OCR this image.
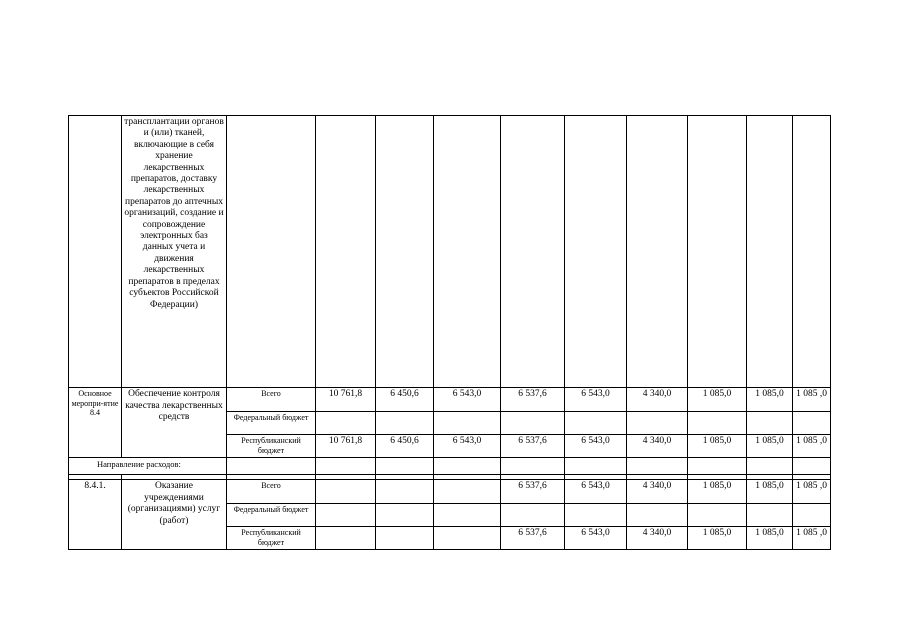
	трансплантации органов и (или) тканей, включающие в себя хранение лекарственных препаратов, доставку лекарственных препаратов до аптечных организаций, создание и сопровождение электронных баз данных учета и движения лекарственных препаратов в пределах субъектов Российской Федерации)										
Основное меропри-ятие 8.4	Обеспечение контроля качества лекарственных средств	Всего	10 761,8	6 450,6	6 543,0	6 537,6	6 543,0	4 340,0	1 085,0	1 085,0	1 085 ,0
		Федеральный бюджет									
		Республиканский бюджет	10 761,8	6 450,6	6 543,0	6 537,6	6 543,0	4 340,0	1 085,0	1 085,0	1 085 ,0
Направление расходов:											

8.4.1.	Оказание учреждениями (организациями) услуг (работ)	Всего				6 537,6	6 543,0	4 340,0	1 085,0	1 085,0	1 085 ,0
		Федеральный бюджет									
		Республиканский бюджет				6 537,6	6 543,0	4 340,0	1 085,0	1 085,0	1 085 ,0
